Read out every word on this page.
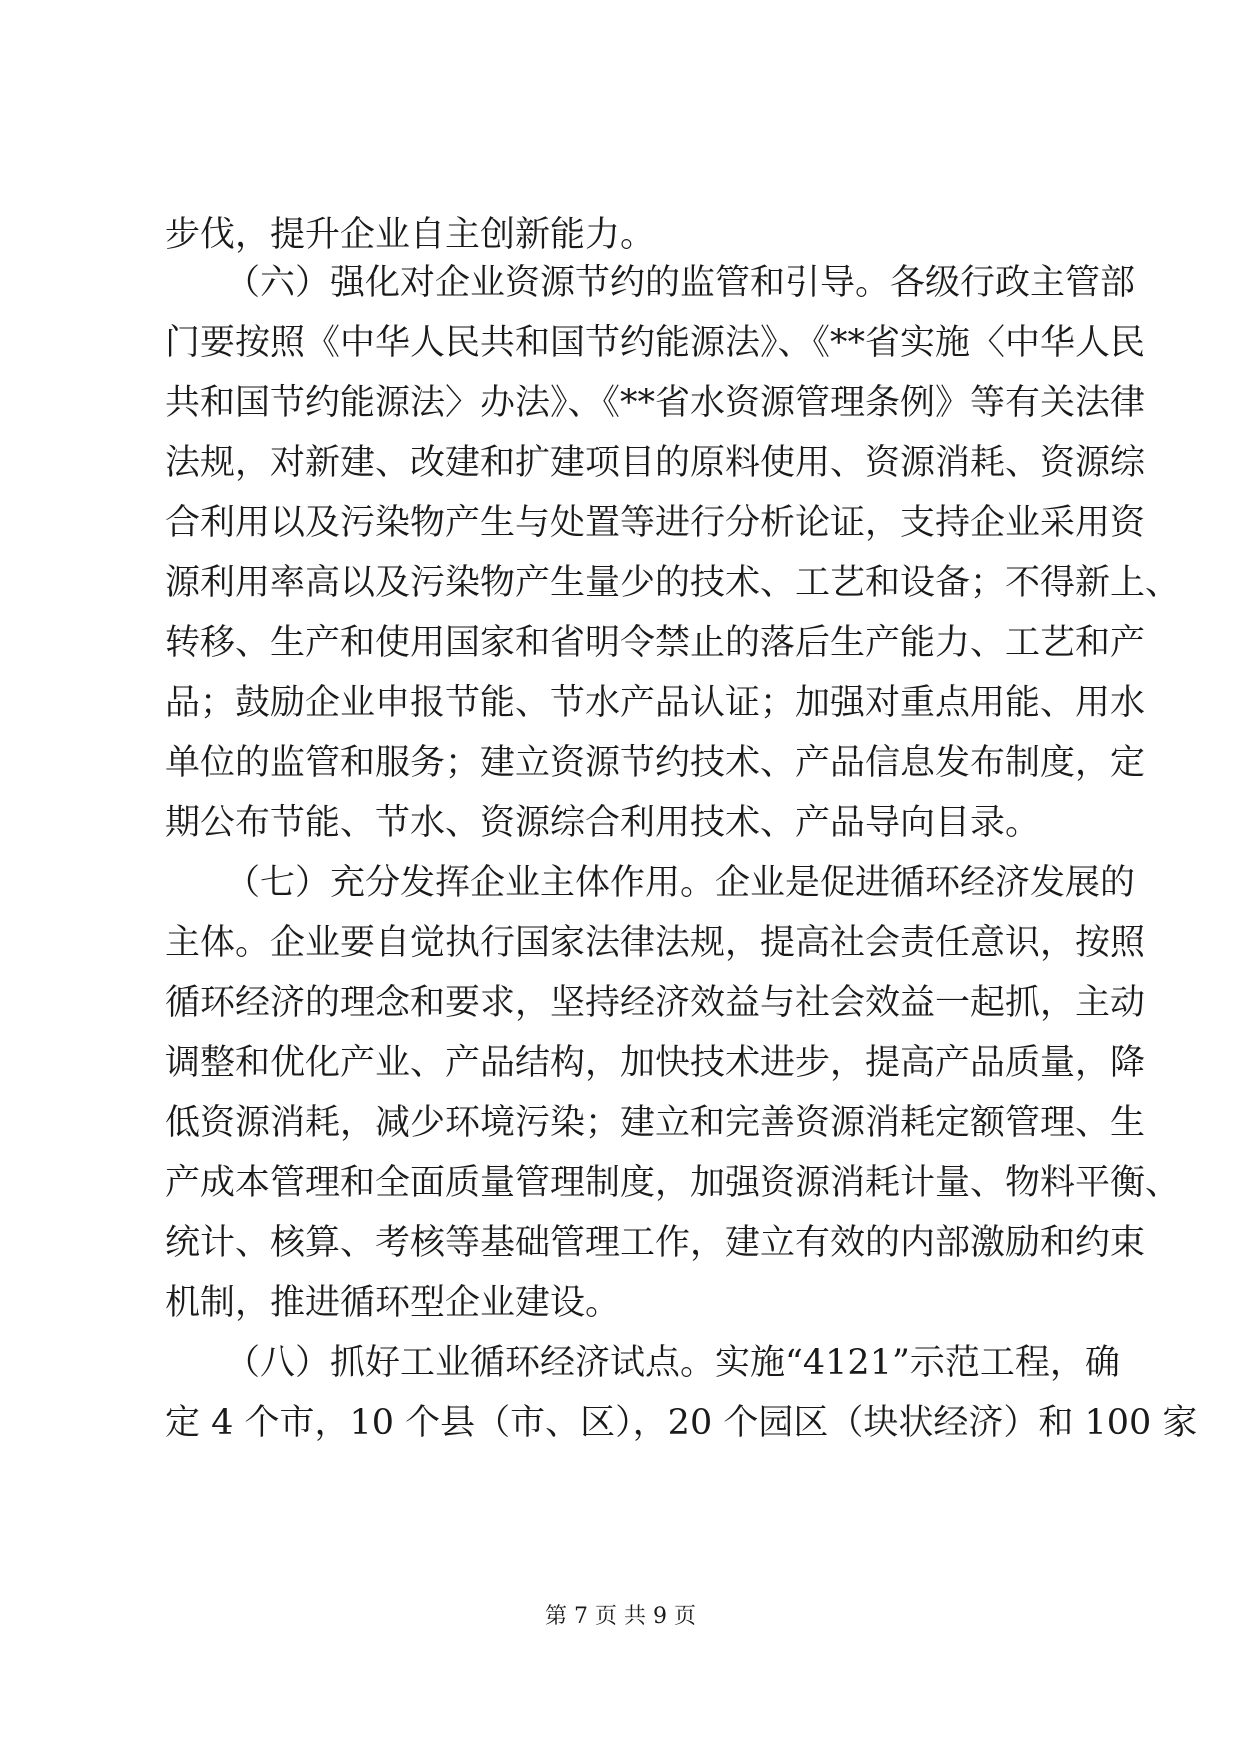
步伐，提升企业自主创新能力。
（六）强化对企业资源节约的监管和引导。各级行政主管部
门要按照《中华人民共和国节约能源法》、《**省实施〈中华人民
共和国节约能源法〉办法》、《**省水资源管理条例》等有关法律
法规，对新建、改建和扩建项目的原料使用、资源消耗、资源综
合利用以及污染物产生与处置等进行分析论证，支持企业采用资
源利用率高以及污染物产生量少的技术、工艺和设备；不得新上、
转移、生产和使用国家和省明令禁止的落后生产能力、工艺和产
品；鼓励企业申报节能、节水产品认证；加强对重点用能、用水
单位的监管和服务；建立资源节约技术、产品信息发布制度，定
期公布节能、节水、资源综合利用技术、产品导向目录。
（七）充分发挥企业主体作用。企业是促进循环经济发展的
主体。企业要自觉执行国家法律法规，提高社会责任意识，按照
循环经济的理念和要求，坚持经济效益与社会效益一起抓，主动
调整和优化产业、产品结构，加快技术进步，提高产品质量，降
低资源消耗，减少环境污染；建立和完善资源消耗定额管理、生
产成本管理和全面质量管理制度，加强资源消耗计量、物料平衡、
统计、核算、考核等基础管理工作，建立有效的内部激励和约束
机制，推进循环型企业建设。
（八）抓好工业循环经济试点。实施“4121”示范工程，确
定 4 个市，10 个县（市、区），20 个园区（块状经济）和 100 家
第 7 页 共 9 页
